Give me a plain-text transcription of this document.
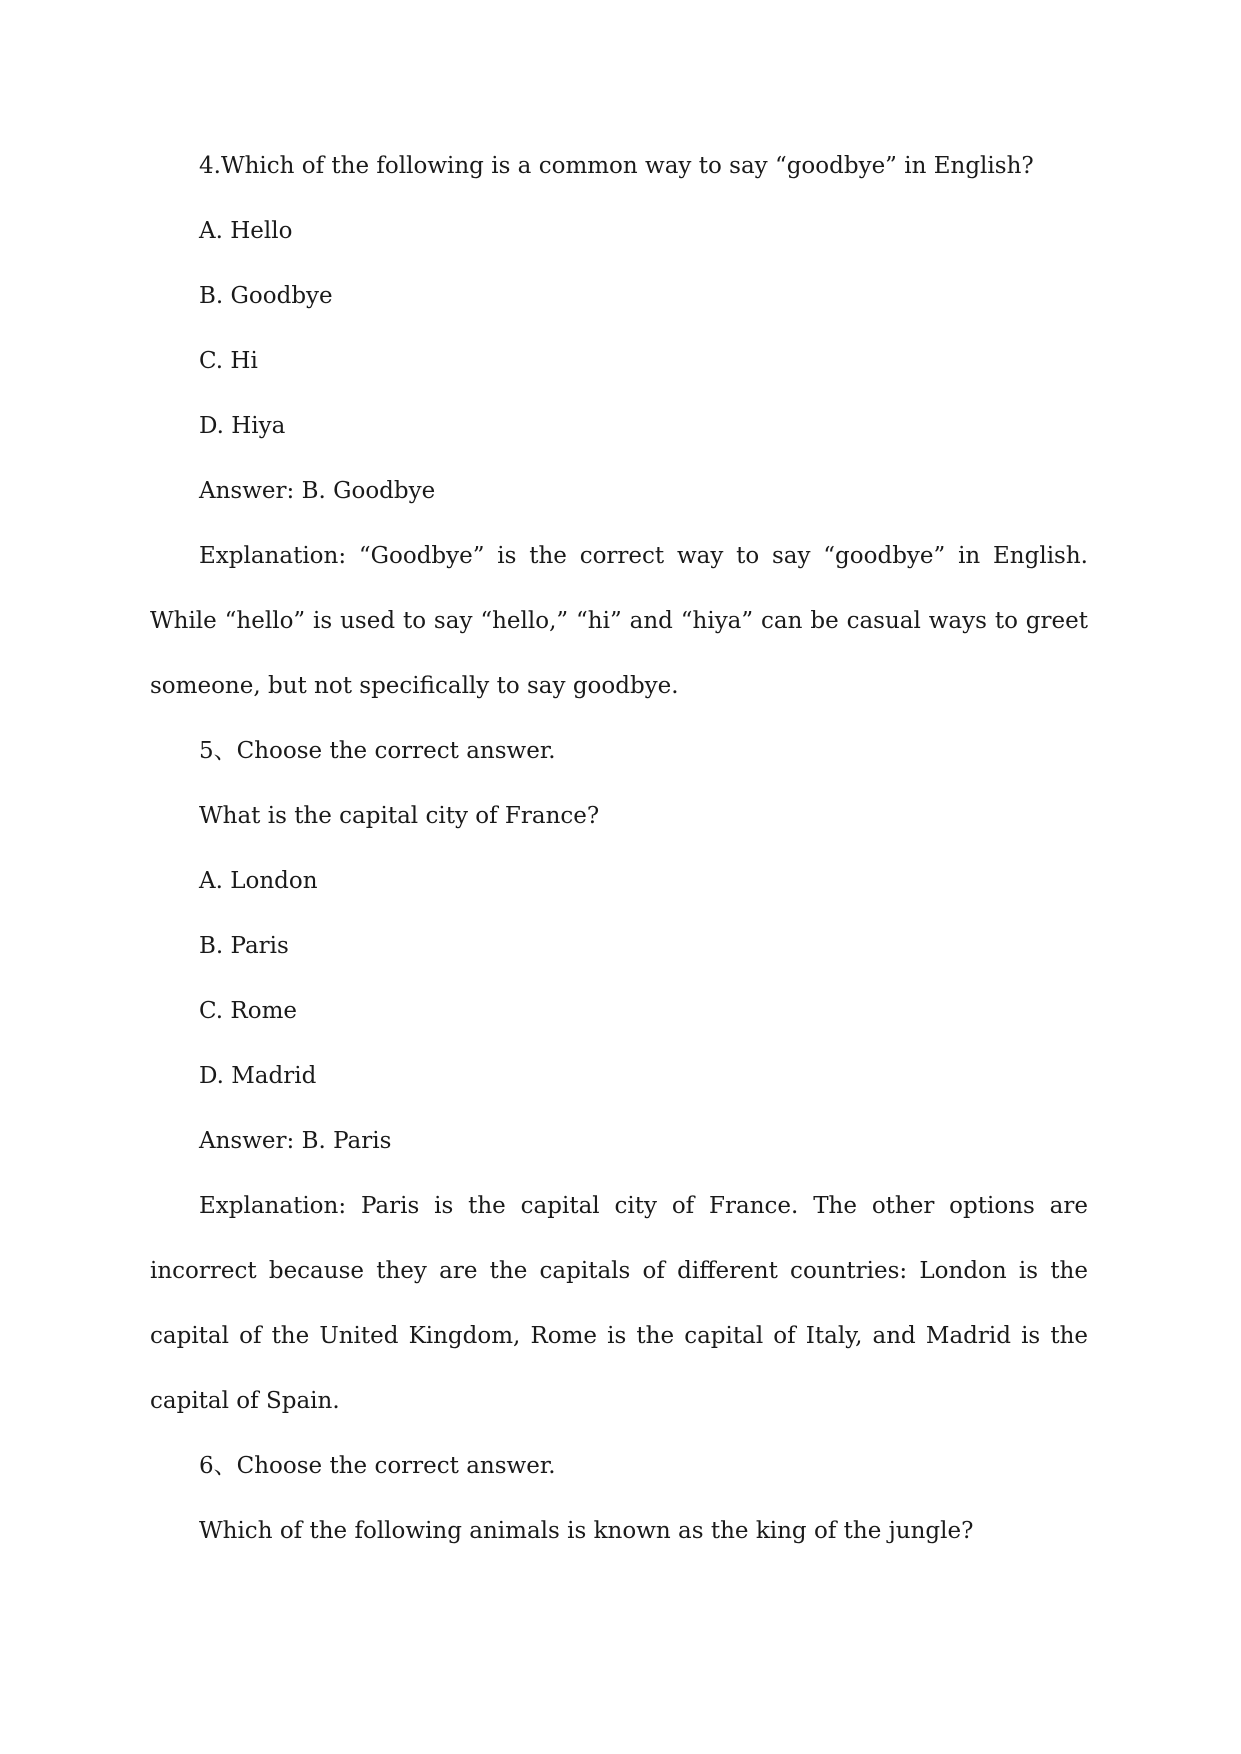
4.Which of the following is a common way to say “goodbye” in English?
A. Hello
B. Goodbye
C. Hi
D. Hiya
Answer: B. Goodbye

Explanation: “Goodbye” is the correct way to say “goodbye” in English. While “hello” is used to say “hello,” “hi” and “hiya” can be casual ways to greet someone, but not specifically to say goodbye.

5、Choose the correct answer.
What is the capital city of France?
A. London
B. Paris
C. Rome
D. Madrid
Answer: B. Paris

Explanation: Paris is the capital city of France. The other options are incorrect because they are the capitals of different countries: London is the capital of the United Kingdom, Rome is the capital of Italy, and Madrid is the capital of Spain.

6、Choose the correct answer.
Which of the following animals is known as the king of the jungle?
